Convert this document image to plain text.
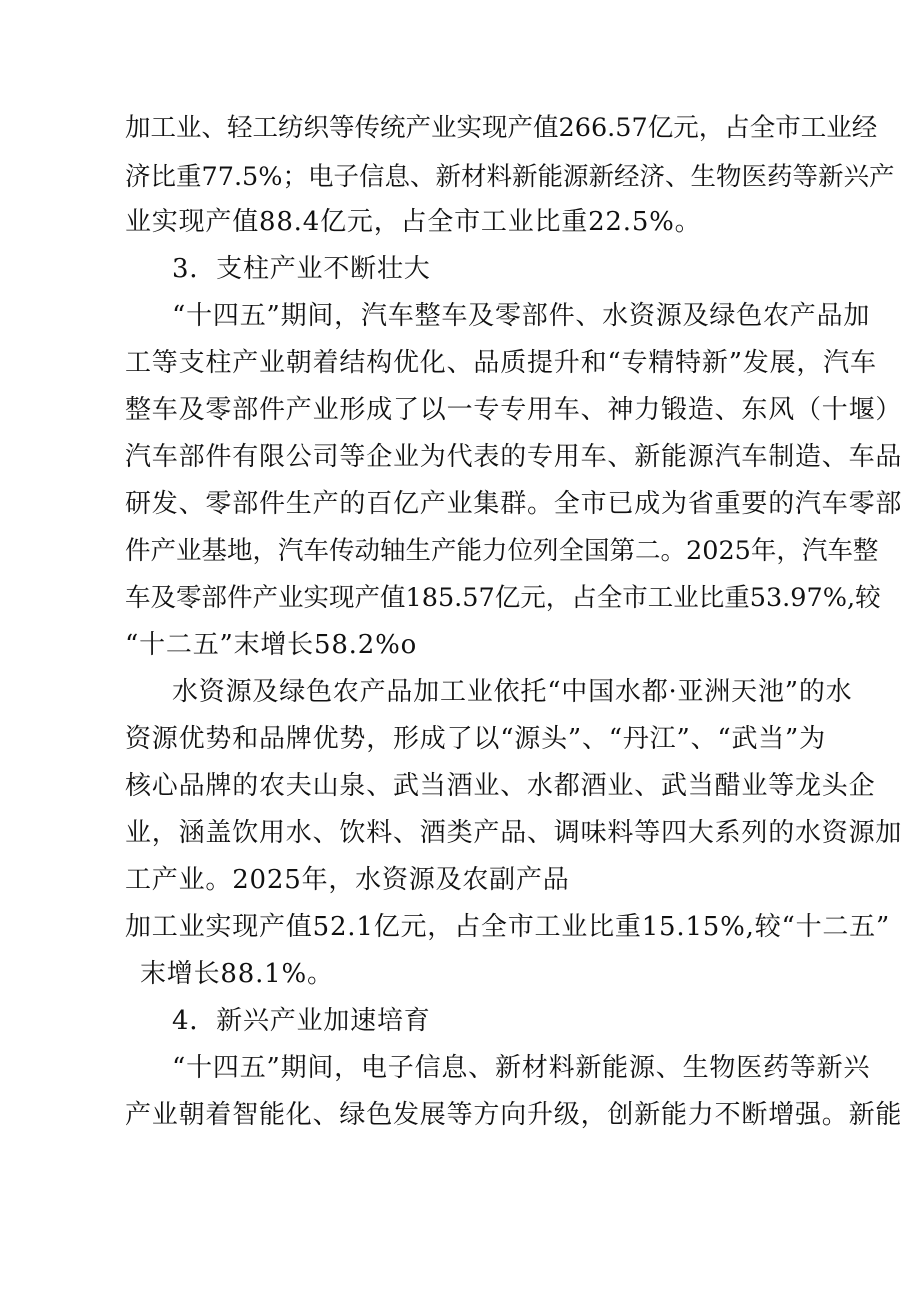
加工业、轻工纺织等传统产业实现产值266.57亿元，占全市工业经
济比重77.5%；电子信息、新材料新能源新经济、生物医药等新兴产
业实现产值88.4亿元，占全市工业比重22.5%。
3．支柱产业不断壮大
“十四五”期间，汽车整车及零部件、水资源及绿色农产品加
工等支柱产业朝着结构优化、品质提升和“专精特新”发展，汽车
整车及零部件产业形成了以一专专用车、神力锻造、东风（十堰）
汽车部件有限公司等企业为代表的专用车、新能源汽车制造、车品
研发、零部件生产的百亿产业集群。全市已成为省重要的汽车零部
件产业基地，汽车传动轴生产能力位列全国第二。2025年，汽车整
车及零部件产业实现产值185.57亿元，占全市工业比重53.97%,较
“十二五”末增长58.2%o
水资源及绿色农产品加工业依托“中国水都·亚洲天池”的水
资源优势和品牌优势，形成了以“源头”、“丹江”、“武当”为
核心品牌的农夫山泉、武当酒业、水都酒业、武当醋业等龙头企
业，涵盖饮用水、饮料、酒类产品、调味料等四大系列的水资源加
工产业。2025年，水资源及农副产品
加工业实现产值52.1亿元，占全市工业比重15.15%,较“十二五”
末增长88.1%。
4．新兴产业加速培育
“十四五”期间，电子信息、新材料新能源、生物医药等新兴
产业朝着智能化、绿色发展等方向升级，创新能力不断增强。新能
